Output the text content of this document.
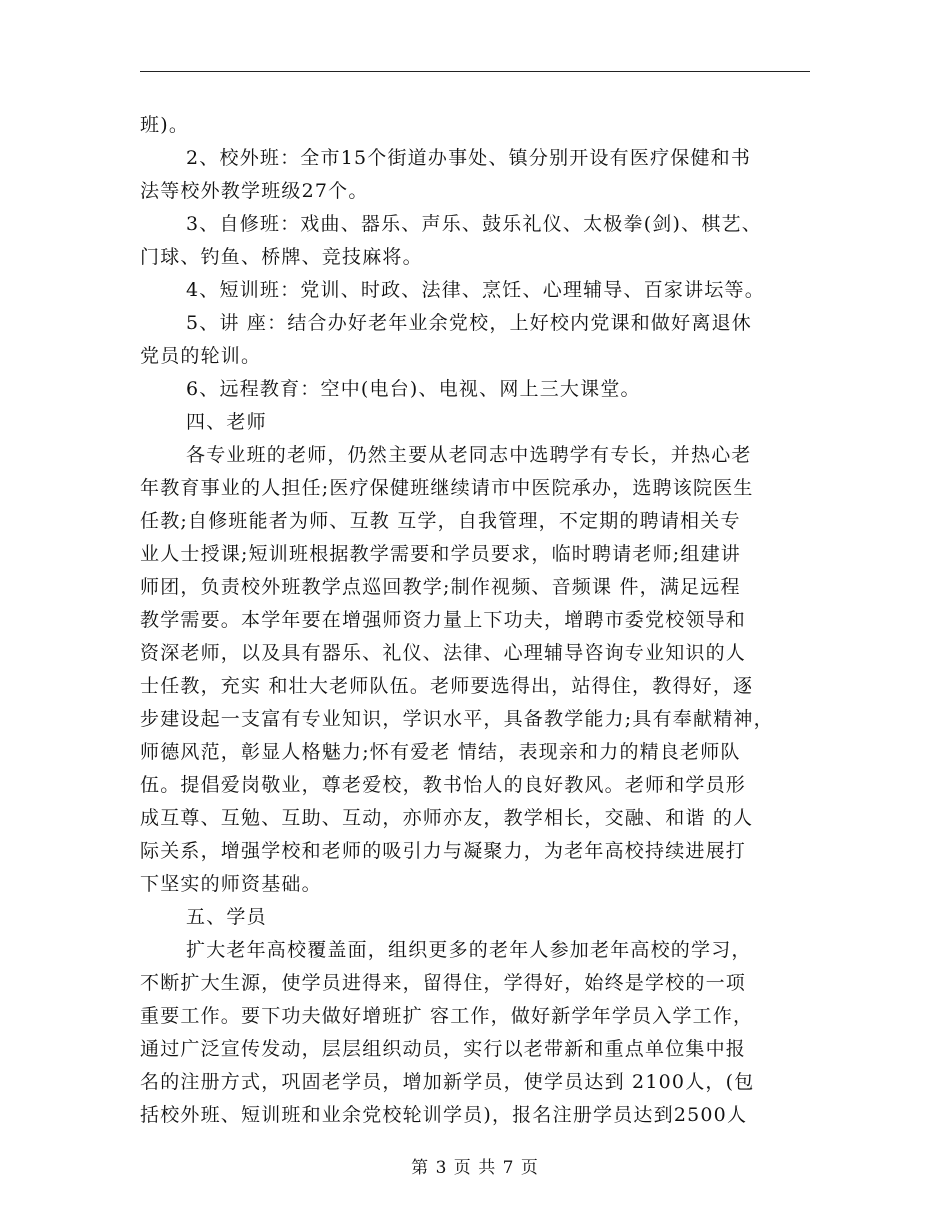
班)。
2、校外班：全市15个街道办事处、镇分别开设有医疗保健和书
法等校外教学班级27个。
3、自修班：戏曲、器乐、声乐、鼓乐礼仪、太极拳(剑)、棋艺、
门球、钓鱼、桥牌、竞技麻将。
4、短训班：党训、时政、法律、烹饪、心理辅导、百家讲坛等。
5、讲 座：结合办好老年业余党校，上好校内党课和做好离退休
党员的轮训。
6、远程教育：空中(电台)、电视、网上三大课堂。
四、老师
各专业班的老师，仍然主要从老同志中选聘学有专长，并热心老
年教育事业的人担任;医疗保健班继续请市中医院承办，选聘该院医生
任教;自修班能者为师、互教 互学，自我管理，不定期的聘请相关专
业人士授课;短训班根据教学需要和学员要求，临时聘请老师;组建讲
师团，负责校外班教学点巡回教学;制作视频、音频课 件，满足远程
教学需要。本学年要在增强师资力量上下功夫，增聘市委党校领导和
资深老师，以及具有器乐、礼仪、法律、心理辅导咨询专业知识的人
士任教，充实 和壮大老师队伍。老师要选得出，站得住，教得好，逐
步建设起一支富有专业知识，学识水平，具备教学能力;具有奉献精神，
师德风范，彰显人格魅力;怀有爱老 情结，表现亲和力的精良老师队
伍。提倡爱岗敬业，尊老爱校，教书怡人的良好教风。老师和学员形
成互尊、互勉、互助、互动，亦师亦友，教学相长，交融、和谐 的人
际关系，增强学校和老师的吸引力与凝聚力，为老年高校持续进展打
下坚实的师资基础。
五、学员
扩大老年高校覆盖面，组织更多的老年人参加老年高校的学习，
不断扩大生源，使学员进得来，留得住，学得好，始终是学校的一项
重要工作。要下功夫做好增班扩 容工作，做好新学年学员入学工作，
通过广泛宣传发动，层层组织动员，实行以老带新和重点单位集中报
名的注册方式，巩固老学员，增加新学员，使学员达到 2100人，(包
括校外班、短训班和业余党校轮训学员)，报名注册学员达到2500人
第 3 页 共 7 页
